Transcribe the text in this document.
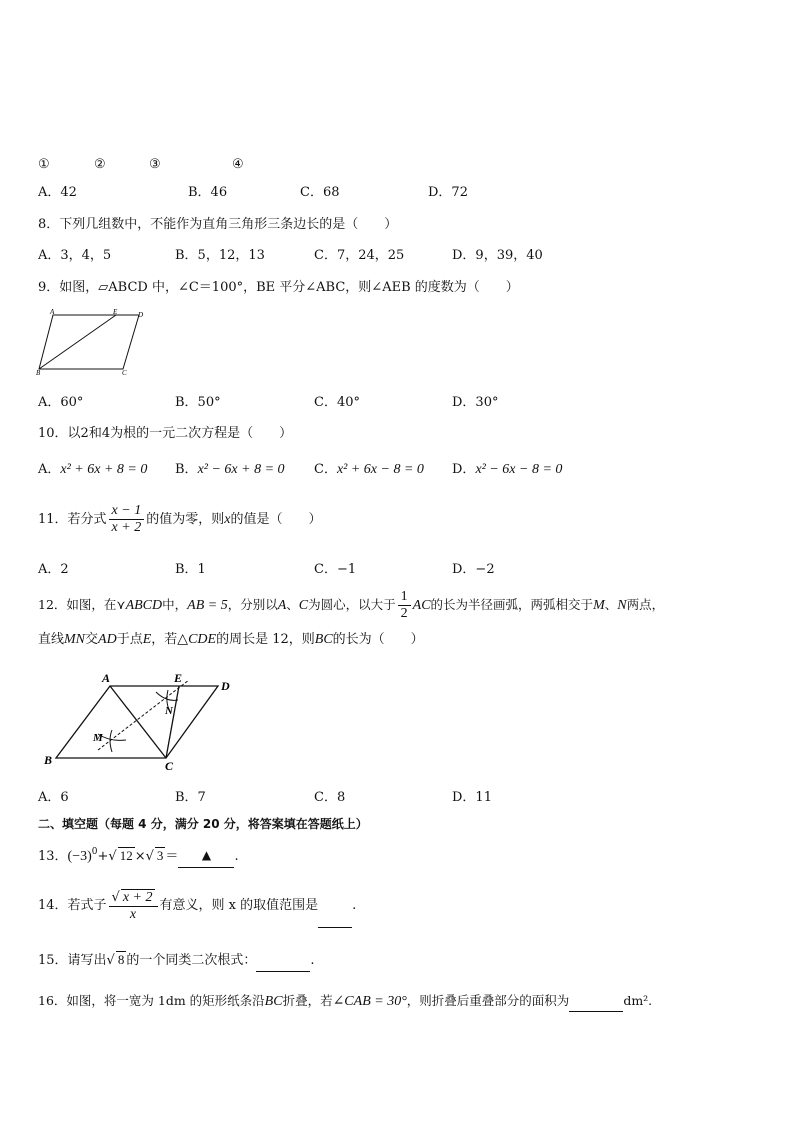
①	②	③	④
A．42	B．46	C．68	D．72
8．下列几组数中，不能作为直角三角形三条边长的是（　　）
A．3，4，5	B．5，12，13	C．7，24，25	D．9，39，40
9．如图，▱ABCD 中，∠C＝100°，BE 平分∠ABC，则∠AEB 的度数为（　　）
A	E	D
B	C
A．60°	B．50°	C．40°	D．30°
10．以2和4为根的一元二次方程是（　　）
A．x² + 6x + 8 = 0 B．x² − 6x + 8 = 0 C．x² + 6x − 8 = 0 D．x² − 6x − 8 = 0
11．若分式 $\frac{x - 1}{x + 2}$ 的值为零，则x的值是（　　）
A．2	B．1	C．−1	D．−2
12．如图，在⋎ABCD中，AB = 5，分别以A、C为圆心，以大于 $\frac{1}{2}$ AC的长为半径画弧，两弧相交于M、N两点，
直线MN交AD于点E，若△CDE的周长是 12，则BC的长为（　　）
A	E
D
N
M
B	C
A．6	B．7	C．8	D．11
二、填空题（每题 4 分，满分 20 分，将答案填在答题纸上）
13．$(-3)^0+√$ 12 ×√ 3 ＝ ▲ .
14．若式子 $\frac{√ x + 2}{x}$ 有意义，则 x 的取值范围是	.
15．请写出√ 8 的一个同类二次根式：	.
16．如图，将一宽为 1dm 的矩形纸条沿BC折叠，若∠CAB = 30°，则折叠后重叠部分的面积为	dm².
